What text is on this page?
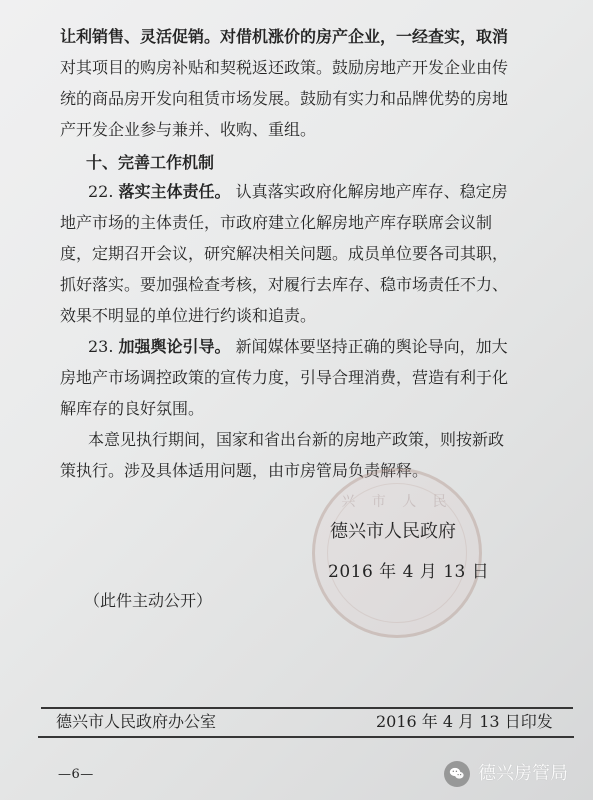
让利销售、灵活促销。对借机涨价的房产企业，一经查实，取消
对其项目的购房补贴和契税返还政策。鼓励房地产开发企业由传
统的商品房开发向租赁市场发展。鼓励有实力和品牌优势的房地
产开发企业参与兼并、收购、重组。
十、完善工作机制
22. 落实主体责任。 认真落实政府化解房地产库存、稳定房
地产市场的主体责任，市政府建立化解房地产库存联席会议制
度，定期召开会议，研究解决相关问题。成员单位要各司其职，
抓好落实。要加强检查考核，对履行去库存、稳市场责任不力、
效果不明显的单位进行约谈和追责。
23. 加强舆论引导。 新闻媒体要坚持正确的舆论导向，加大
房地产市场调控政策的宣传力度，引导合理消费，营造有利于化
解库存的良好氛围。
本意见执行期间，国家和省出台新的房地产政策，则按新政
策执行。涉及具体适用问题，由市房管局负责解释。
兴 市 人 民
德兴市人民政府
2016 年 4 月 13 日
（此件主动公开）
德兴市人民政府办公室	2016 年 4 月 13 日印发
—6—	德兴房管局
